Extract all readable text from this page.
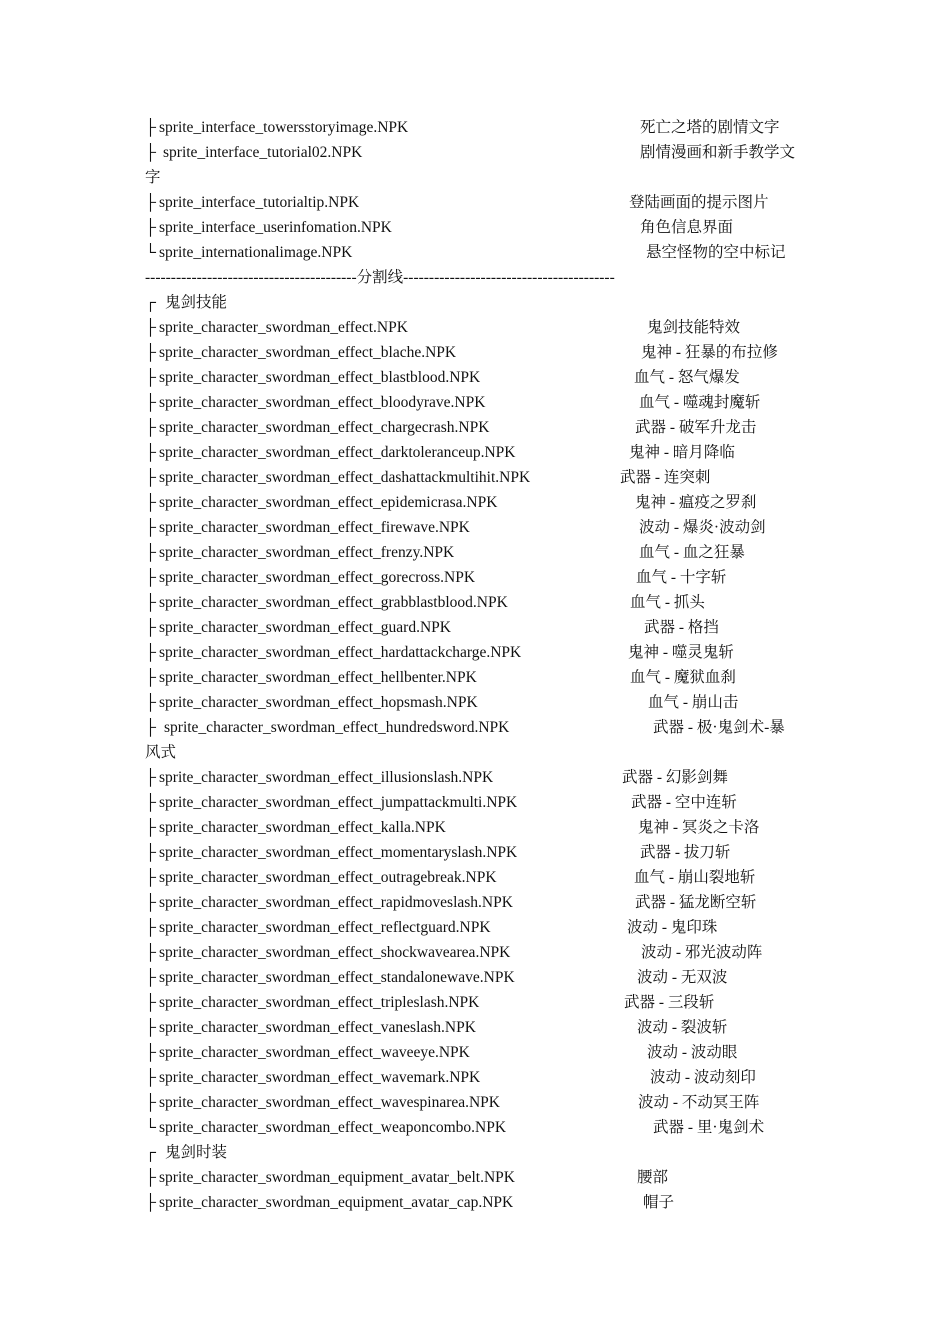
├ sprite_interface_towersstoryimage.NPK	死亡之塔的剧情文字
├sprite_interface_tutorial02.NPK	剧情漫画和新手教学文
字
├ sprite_interface_tutorialtip.NPK	登陆画面的提示图片
├ sprite_interface_userinfomation.NPK	角色信息界面
└ sprite_internationalimage.NPK	悬空怪物的空中标记
-----------------------------------------分割线-----------------------------------------
┌ 鬼剑技能
├ sprite_character_swordman_effect.NPK	鬼剑技能特效
├ sprite_character_swordman_effect_blache.NPK	鬼神 - 狂暴的布拉修
├ sprite_character_swordman_effect_blastblood.NPK	血气 - 怒气爆发
├ sprite_character_swordman_effect_bloodyrave.NPK	血气 - 噬魂封魔斩
├ sprite_character_swordman_effect_chargecrash.NPK	武器 - 破军升龙击
├ sprite_character_swordman_effect_darktoleranceup.NPK	鬼神 - 暗月降临
├ sprite_character_swordman_effect_dashattackmultihit.NPK	武器 - 连突刺
├ sprite_character_swordman_effect_epidemicrasa.NPK	鬼神 - 瘟疫之罗刹
├ sprite_character_swordman_effect_firewave.NPK	波动 - 爆炎·波动剑
├ sprite_character_swordman_effect_frenzy.NPK	血气 - 血之狂暴
├ sprite_character_swordman_effect_gorecross.NPK	血气 - 十字斩
├ sprite_character_swordman_effect_grabblastblood.NPK	血气 - 抓头
├ sprite_character_swordman_effect_guard.NPK	武器 - 格挡
├ sprite_character_swordman_effect_hardattackcharge.NPK	鬼神 - 噬灵鬼斩
├ sprite_character_swordman_effect_hellbenter.NPK	血气 - 魔狱血刹
├ sprite_character_swordman_effect_hopsmash.NPK	血气 - 崩山击
├sprite_character_swordman_effect_hundredsword.NPK	武器 - 极·鬼剑术-暴
风式
├ sprite_character_swordman_effect_illusionslash.NPK	武器 - 幻影剑舞
├ sprite_character_swordman_effect_jumpattackmulti.NPK	武器 - 空中连斩
├ sprite_character_swordman_effect_kalla.NPK	鬼神 - 冥炎之卡洛
├ sprite_character_swordman_effect_momentaryslash.NPK	武器 - 拔刀斩
├ sprite_character_swordman_effect_outragebreak.NPK	血气 - 崩山裂地斩
├ sprite_character_swordman_effect_rapidmoveslash.NPK	武器 - 猛龙断空斩
├ sprite_character_swordman_effect_reflectguard.NPK	波动 - 鬼印珠
├ sprite_character_swordman_effect_shockwavearea.NPK	波动 - 邪光波动阵
├ sprite_character_swordman_effect_standalonewave.NPK	波动 - 无双波
├ sprite_character_swordman_effect_tripleslash.NPK	武器 - 三段斩
├ sprite_character_swordman_effect_vaneslash.NPK	波动 - 裂波斩
├ sprite_character_swordman_effect_waveeye.NPK	波动 - 波动眼
├ sprite_character_swordman_effect_wavemark.NPK	波动 - 波动刻印
├ sprite_character_swordman_effect_wavespinarea.NPK	波动 - 不动冥王阵
└ sprite_character_swordman_effect_weaponcombo.NPK	武器 - 里·鬼剑术
┌ 鬼剑时装
├ sprite_character_swordman_equipment_avatar_belt.NPK	腰部
├ sprite_character_swordman_equipment_avatar_cap.NPK	帽子
